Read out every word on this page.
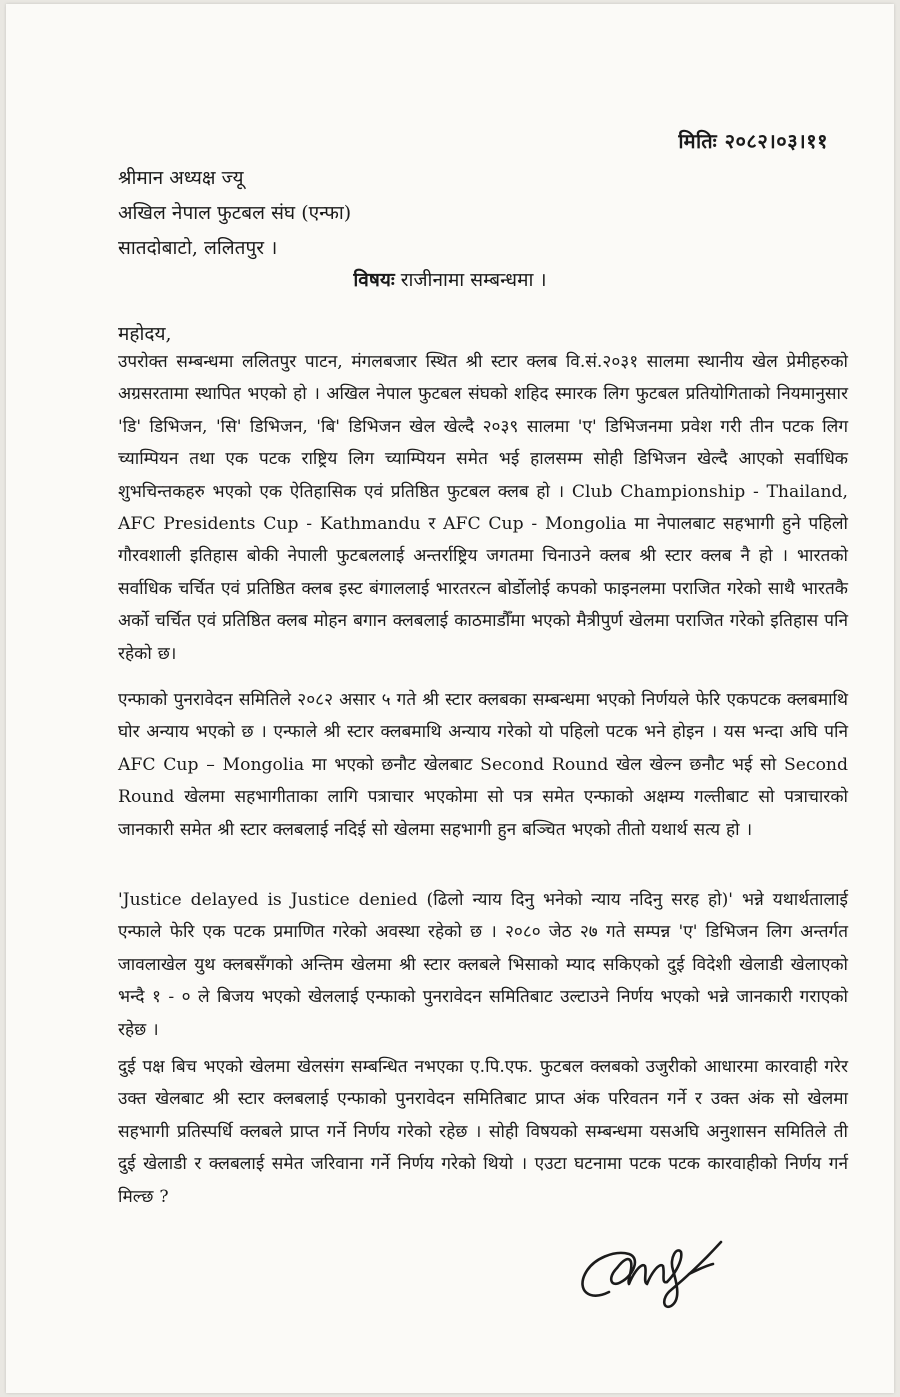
मितिः २०८२।०३।११
श्रीमान अध्यक्ष ज्यू
अखिल नेपाल फुटबल संघ (एन्फा)
सातदोबाटो, ललितपुर ।
विषयः राजीनामा सम्बन्धमा ।
महोदय,

उपरोक्त सम्बन्धमा ललितपुर पाटन, मंगलबजार स्थित श्री स्टार क्लब वि.सं.२०३१ सालमा स्थानीय खेल प्रेमीहरुको अग्रसरतामा स्थापित भएको हो । अखिल नेपाल फुटबल संघको शहिद स्मारक लिग फुटबल प्रतियोगिताको नियमानुसार 'डि' डिभिजन, 'सि' डिभिजन, 'बि' डिभिजन खेल खेल्दै २०३९ सालमा 'ए' डिभिजनमा प्रवेश गरी तीन पटक लिग च्याम्पियन तथा एक पटक राष्ट्रिय लिग च्याम्पियन समेत भई हालसम्म सोही डिभिजन खेल्दै आएको सर्वाधिक शुभचिन्तकहरु भएको एक ऐतिहासिक एवं प्रतिष्ठित फुटबल क्लब हो । Club Championship - Thailand, AFC Presidents Cup - Kathmandu र AFC Cup - Mongolia मा नेपालबाट सहभागी हुने पहिलो गौरवशाली इतिहास बोकी नेपाली फुटबललाई अन्तर्राष्ट्रिय जगतमा चिनाउने क्लब श्री स्टार क्लब नै हो । भारतको सर्वाधिक चर्चित एवं प्रतिष्ठित क्लब इस्ट बंगाललाई भारतरत्न बोर्डोलोई कपको फाइनलमा पराजित गरेको साथै भारतकै अर्को चर्चित एवं प्रतिष्ठित क्लब मोहन बगान क्लबलाई काठमाडौँमा भएको मैत्रीपुर्ण खेलमा पराजित गरेको इतिहास पनि रहेको छ।

एन्फाको पुनरावेदन समितिले २०८२ असार ५ गते श्री स्टार क्लबका सम्बन्धमा भएको निर्णयले फेरि एकपटक क्लबमाथि घोर अन्याय भएको छ । एन्फाले श्री स्टार क्लबमाथि अन्याय गरेको यो पहिलो पटक भने होइन । यस भन्दा अघि पनि AFC Cup – Mongolia मा भएको छनौट खेलबाट Second Round खेल खेल्न छनौट भई सो Second Round खेलमा सहभागीताका लागि पत्राचार भएकोमा सो पत्र समेत एन्फाको अक्षम्य गल्तीबाट सो पत्राचारको जानकारी समेत श्री स्टार क्लबलाई नदिई सो खेलमा सहभागी हुन बञ्चित भएको तीतो यथार्थ सत्य हो ।

'Justice delayed is Justice denied (ढिलो न्याय दिनु भनेको न्याय नदिनु सरह हो)' भन्ने यथार्थतालाई एन्फाले फेरि एक पटक प्रमाणित गरेको अवस्था रहेको छ । २०८० जेठ २७ गते सम्पन्न 'ए' डिभिजन लिग अन्तर्गत जावलाखेल युथ क्लबसँगको अन्तिम खेलमा श्री स्टार क्लबले भिसाको म्याद सकिएको दुई विदेशी खेलाडी खेलाएको भन्दै १ - ० ले बिजय भएको खेललाई एन्फाको पुनरावेदन समितिबाट उल्टाउने निर्णय भएको भन्ने जानकारी गराएको रहेछ ।

दुई पक्ष बिच भएको खेलमा खेलसंग सम्बन्धित नभएका ए.पि.एफ. फुटबल क्लबको उजुरीको आधारमा कारवाही गरेर उक्त खेलबाट श्री स्टार क्लबलाई एन्फाको पुनरावेदन समितिबाट प्राप्त अंक परिवतन गर्ने र उक्त अंक सो खेलमा सहभागी प्रतिस्पर्धि क्लबले प्राप्त गर्ने निर्णय गरेको रहेछ । सोही विषयको सम्बन्धमा यसअघि अनुशासन समितिले ती दुई खेलाडी र क्लबलाई समेत जरिवाना गर्ने निर्णय गरेको थियो । एउटा घटनामा पटक पटक कारवाहीको निर्णय गर्न मिल्छ ?
